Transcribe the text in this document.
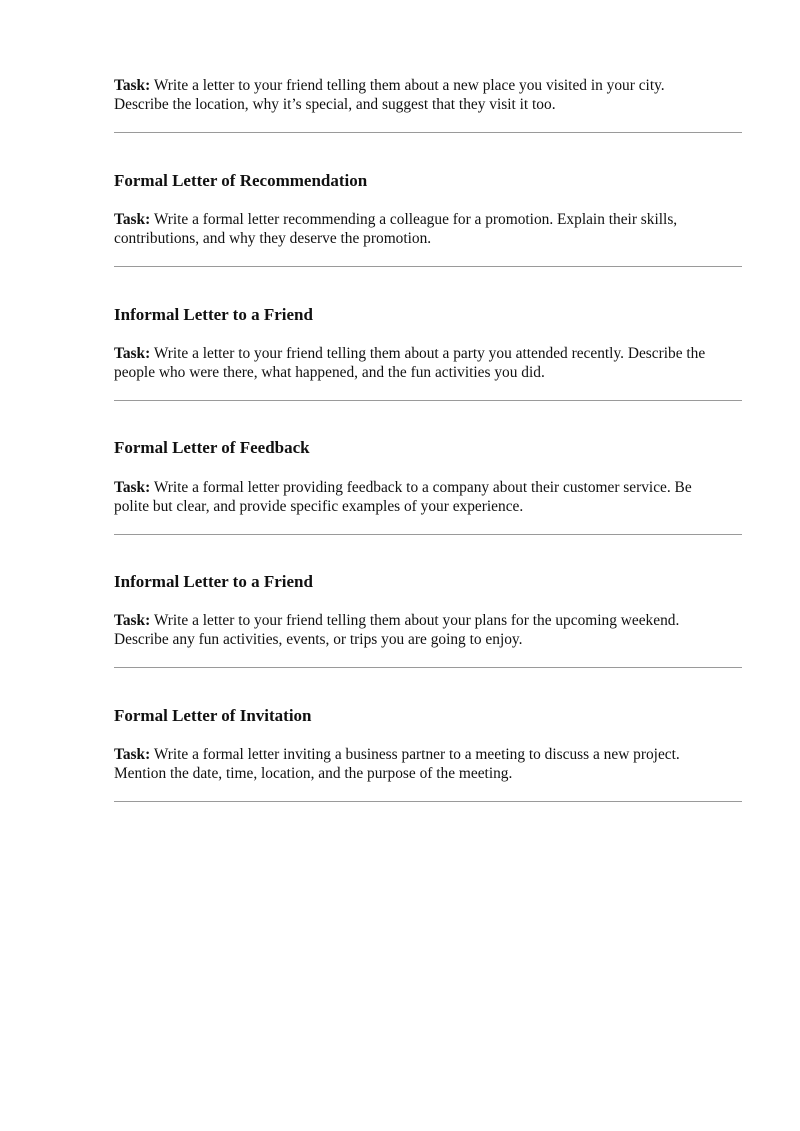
Task: Write a letter to your friend telling them about a new place you visited in your city.
Describe the location, why it’s special, and suggest that they visit it too.

Formal Letter of Recommendation

Task: Write a formal letter recommending a colleague for a promotion. Explain their skills,
contributions, and why they deserve the promotion.

Informal Letter to a Friend

Task: Write a letter to your friend telling them about a party you attended recently. Describe the
people who were there, what happened, and the fun activities you did.

Formal Letter of Feedback

Task: Write a formal letter providing feedback to a company about their customer service. Be
polite but clear, and provide specific examples of your experience.

Informal Letter to a Friend

Task: Write a letter to your friend telling them about your plans for the upcoming weekend.
Describe any fun activities, events, or trips you are going to enjoy.

Formal Letter of Invitation

Task: Write a formal letter inviting a business partner to a meeting to discuss a new project.
Mention the date, time, location, and the purpose of the meeting.
